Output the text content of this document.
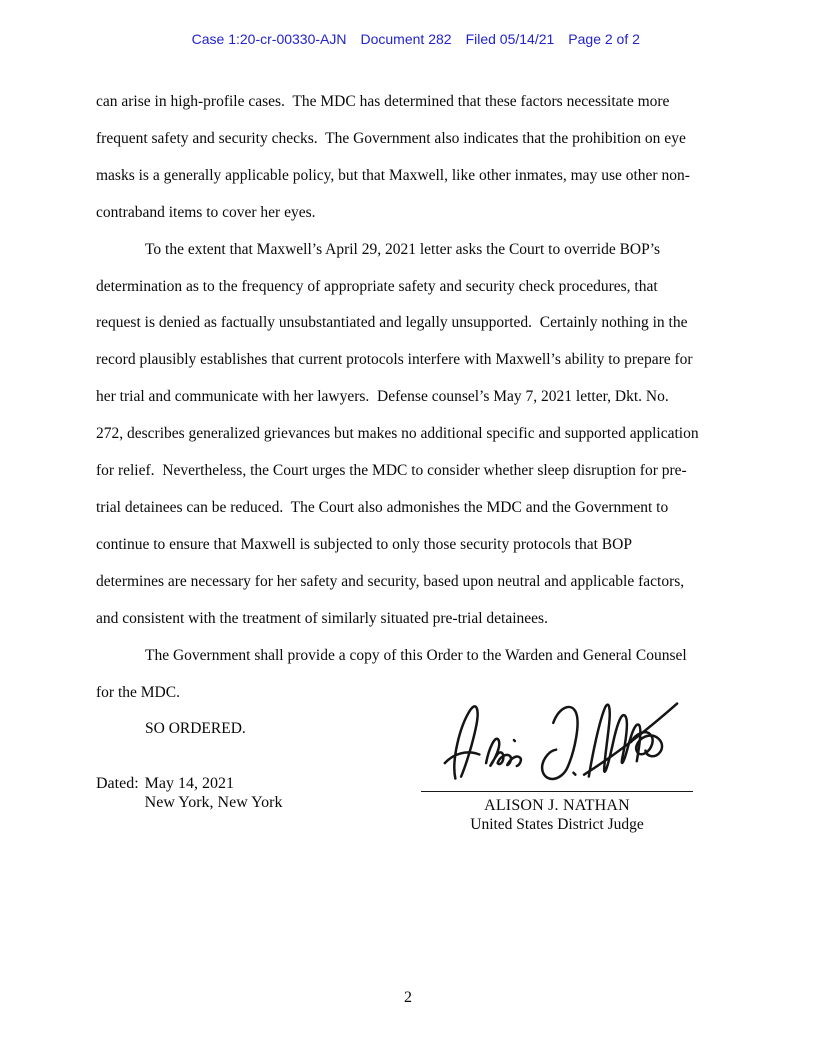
Case 1:20-cr-00330-AJN Document 282 Filed 05/14/21 Page 2 of 2

can arise in high-profile cases.  The MDC has determined that these factors necessitate more
frequent safety and security checks.  The Government also indicates that the prohibition on eye
masks is a generally applicable policy, but that Maxwell, like other inmates, may use other non-
contraband items to cover her eyes.
To the extent that Maxwell’s April 29, 2021 letter asks the Court to override BOP’s
determination as to the frequency of appropriate safety and security check procedures, that
request is denied as factually unsubstantiated and legally unsupported.  Certainly nothing in the
record plausibly establishes that current protocols interfere with Maxwell’s ability to prepare for
her trial and communicate with her lawyers.  Defense counsel’s May 7, 2021 letter, Dkt. No.
272, describes generalized grievances but makes no additional specific and supported application
for relief.  Nevertheless, the Court urges the MDC to consider whether sleep disruption for pre-
trial detainees can be reduced.  The Court also admonishes the MDC and the Government to
continue to ensure that Maxwell is subjected to only those security protocols that BOP
determines are necessary for her safety and security, based upon neutral and applicable factors,
and consistent with the treatment of similarly situated pre-trial detainees.
The Government shall provide a copy of this Order to the Warden and General Counsel
for the MDC.
SO ORDERED.
Dated: May 14, 2021
New York, New York	ALISON J. NATHAN
United States District Judge
2
